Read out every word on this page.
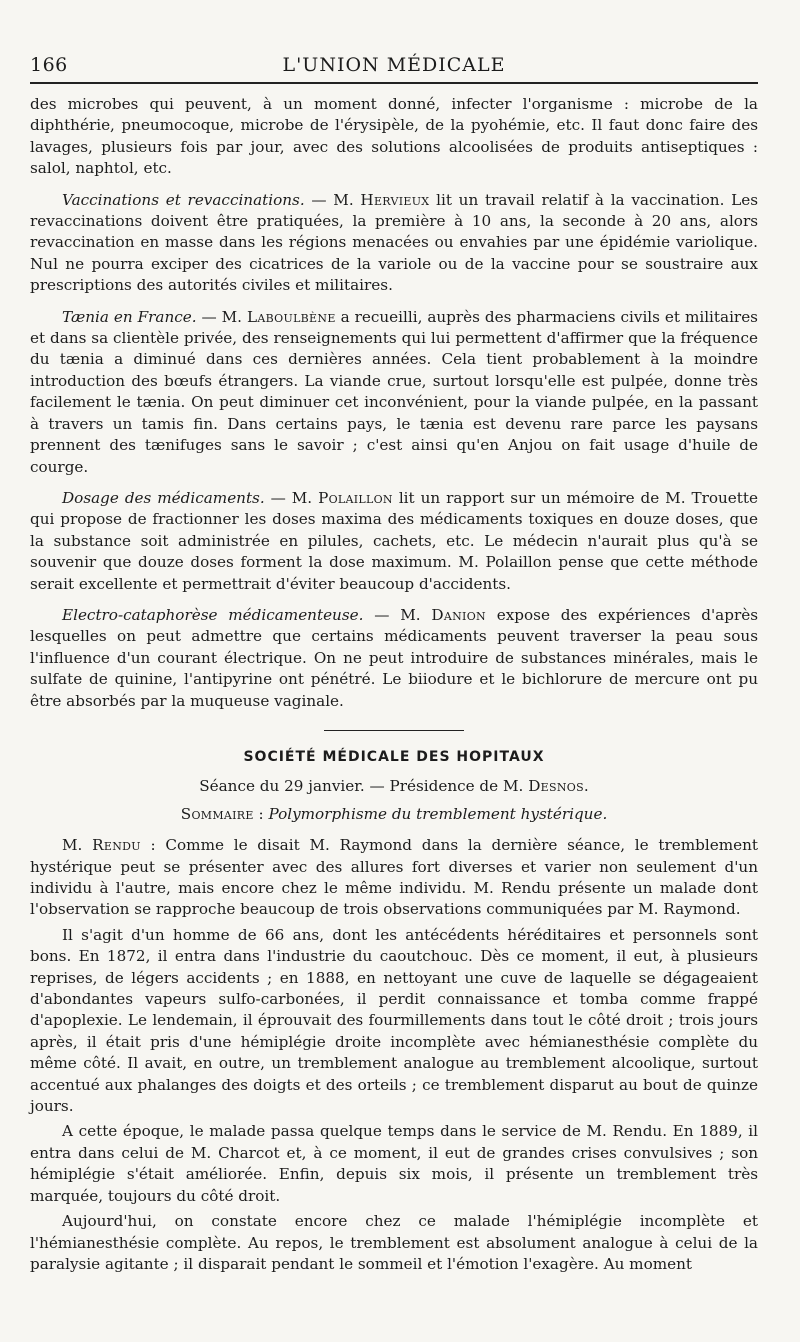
166	L'UNION MÉDICALE

des microbes qui peuvent, à un moment donné, infecter l'organisme : microbe de la diphthérie, pneumocoque, microbe de l'érysipèle, de la pyohémie, etc. Il faut donc faire des lavages, plusieurs fois par jour, avec des solutions alcoolisées de produits antiseptiques : salol, naphtol, etc.

Vaccinations et revaccinations. — M. Hervieux lit un travail relatif à la vaccination. Les revaccinations doivent être pratiquées, la première à 10 ans, la seconde à 20 ans, alors revaccination en masse dans les régions menacées ou envahies par une épidémie variolique. Nul ne pourra exciper des cicatrices de la variole ou de la vaccine pour se soustraire aux prescriptions des autorités civiles et militaires.

Tænia en France. — M. Laboulbène a recueilli, auprès des pharmaciens civils et militaires et dans sa clientèle privée, des renseignements qui lui permettent d'affirmer que la fréquence du tænia a diminué dans ces dernières années. Cela tient probablement à la moindre introduction des bœufs étrangers. La viande crue, surtout lorsqu'elle est pulpée, donne très facilement le tænia. On peut diminuer cet inconvénient, pour la viande pulpée, en la passant à travers un tamis fin. Dans certains pays, le tænia est devenu rare parce les paysans prennent des tænifuges sans le savoir ; c'est ainsi qu'en Anjou on fait usage d'huile de courge.

Dosage des médicaments. — M. Polaillon lit un rapport sur un mémoire de M. Trouette qui propose de fractionner les doses maxima des médicaments toxiques en douze doses, que la substance soit administrée en pilules, cachets, etc. Le médecin n'aurait plus qu'à se souvenir que douze doses forment la dose maximum. M. Polaillon pense que cette méthode serait excellente et permettrait d'éviter beaucoup d'accidents.

Electro-cataphorèse médicamenteuse. — M. Danion expose des expériences d'après lesquelles on peut admettre que certains médicaments peuvent traverser la peau sous l'influence d'un courant électrique. On ne peut introduire de substances minérales, mais le sulfate de quinine, l'antipyrine ont pénétré. Le biiodure et le bichlorure de mercure ont pu être absorbés par la muqueuse vaginale.

SOCIÉTÉ MÉDICALE DES HOPITAUX

Séance du 29 janvier. — Présidence de M. Desnos.

Sommaire : Polymorphisme du tremblement hystérique.

M. Rendu : Comme le disait M. Raymond dans la dernière séance, le tremblement hystérique peut se présenter avec des allures fort diverses et varier non seulement d'un individu à l'autre, mais encore chez le même individu. M. Rendu présente un malade dont l'observation se rapproche beaucoup de trois observations communiquées par M. Raymond.

Il s'agit d'un homme de 66 ans, dont les antécédents héréditaires et personnels sont bons. En 1872, il entra dans l'industrie du caoutchouc. Dès ce moment, il eut, à plusieurs reprises, de légers accidents ; en 1888, en nettoyant une cuve de laquelle se dégageaient d'abondantes vapeurs sulfo-carbonées, il perdit connaissance et tomba comme frappé d'apoplexie. Le lendemain, il éprouvait des fourmillements dans tout le côté droit ; trois jours après, il était pris d'une hémiplégie droite incomplète avec hémianesthésie complète du même côté. Il avait, en outre, un tremblement analogue au tremblement alcoolique, surtout accentué aux phalanges des doigts et des orteils ; ce tremblement disparut au bout de quinze jours.

A cette époque, le malade passa quelque temps dans le service de M. Rendu. En 1889, il entra dans celui de M. Charcot et, à ce moment, il eut de grandes crises convulsives ; son hémiplégie s'était améliorée. Enfin, depuis six mois, il présente un tremblement très marquée, toujours du côté droit.

Aujourd'hui, on constate encore chez ce malade l'hémiplégie incomplète et l'hémianesthésie complète. Au repos, le tremblement est absolument analogue à celui de la paralysie agitante ; il disparait pendant le sommeil et l'émotion l'exagère. Au moment
